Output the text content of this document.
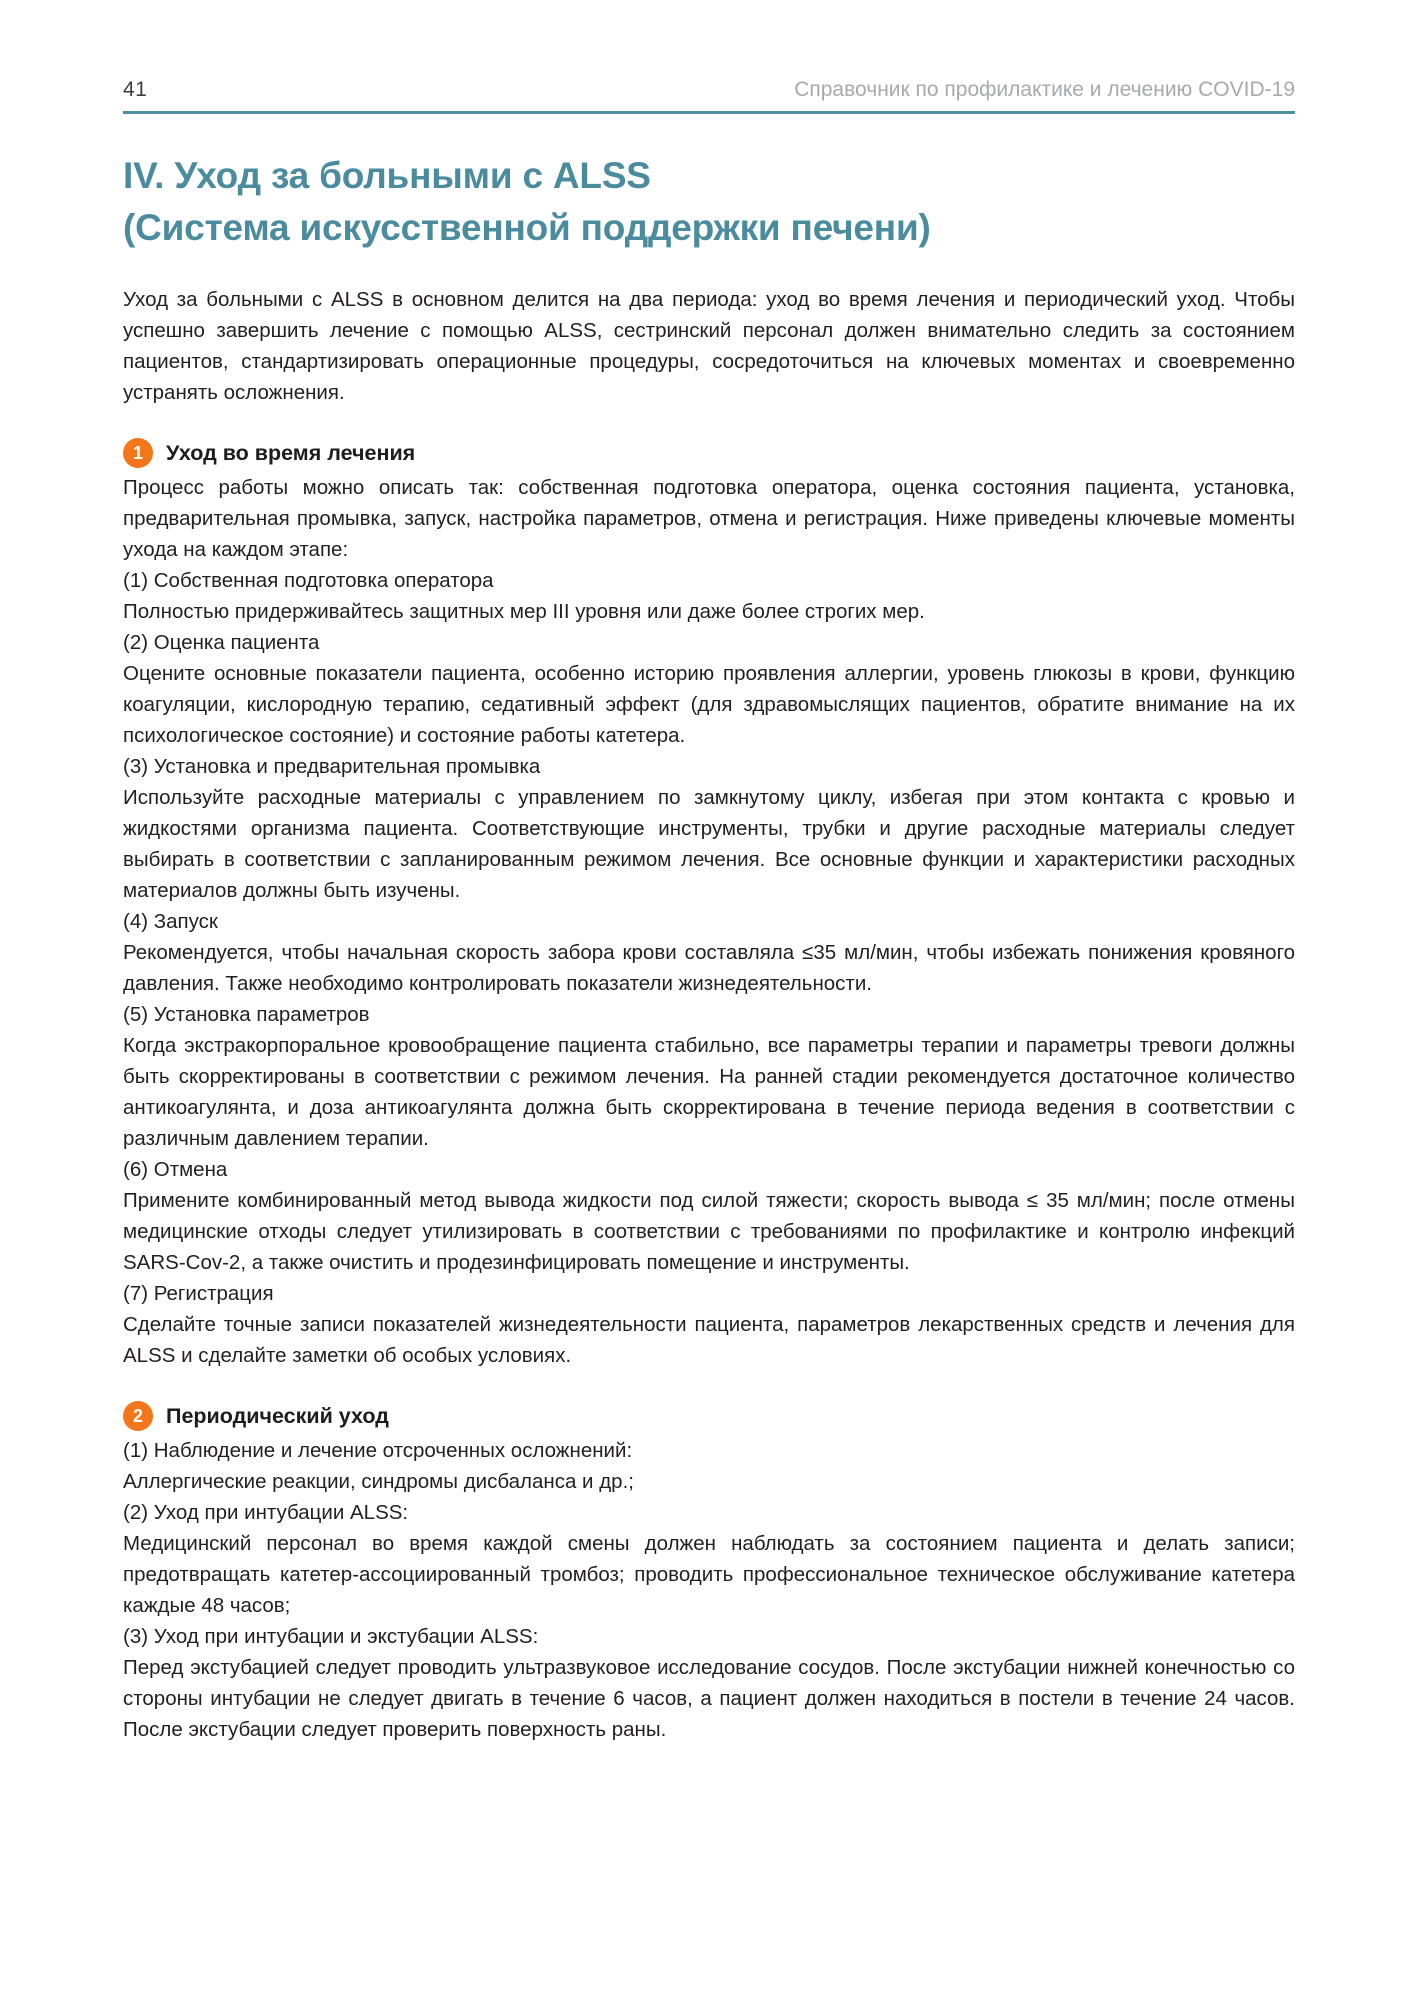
41	Справочник по профилактике и лечению COVID-19
IV. Уход за больными с ALSS
(Система искусственной поддержки печени)

Уход за больными с ALSS в основном делится на два периода: уход во время лечения и периодический уход. Чтобы успешно завершить лечение с помощью ALSS, сестринский персонал должен внимательно следить за состоянием пациентов, стандартизировать операционные процедуры, сосредоточиться на ключевых моментах и своевременно устранять осложнения.

1	Уход во время лечения

Процесс работы можно описать так: собственная подготовка оператора, оценка состояния пациента, установка, предварительная промывка, запуск, настройка параметров, отмена и регистрация. Ниже приведены ключевые моменты ухода на каждом этапе:

(1) Собственная подготовка оператора

Полностью придерживайтесь защитных мер III уровня или даже более строгих мер.

(2) Оценка пациента

Оцените основные показатели пациента, особенно историю проявления аллергии, уровень глюкозы в крови, функцию коагуляции, кислородную терапию, седативный эффект (для здравомыслящих пациентов, обратите внимание на их психологическое состояние) и состояние работы катетера.

(3) Установка и предварительная промывка

Используйте расходные материалы с управлением по замкнутому циклу, избегая при этом контакта с кровью и жидкостями организма пациента. Соответствующие инструменты, трубки и другие расходные материалы следует выбирать в соответствии с запланированным режимом лечения. Все основные функции и характеристики расходных материалов должны быть изучены.

(4) Запуск

Рекомендуется, чтобы начальная скорость забора крови составляла ≤35 мл/мин, чтобы избежать понижения кровяного давления. Также необходимо контролировать показатели жизнедеятельности.

(5) Установка параметров

Когда экстракорпоральное кровообращение пациента стабильно, все параметры терапии и параметры тревоги должны быть скорректированы в соответствии с режимом лечения. На ранней стадии рекомендуется достаточное количество антикоагулянта, и доза антикоагулянта должна быть скорректирована в течение периода ведения в соответствии с различным давлением терапии.

(6) Отмена

Примените комбинированный метод вывода жидкости под силой тяжести; скорость вывода ≤ 35 мл/мин; после отмены медицинские отходы следует утилизировать в соответствии с требованиями по профилактике и контролю инфекций SARS-Cov-2, а также очистить и продезинфицировать помещение и инструменты.

(7) Регистрация

Сделайте точные записи показателей жизнедеятельности пациента, параметров лекарственных средств и лечения для ALSS и сделайте заметки об особых условиях.

2	Периодический уход

(1) Наблюдение и лечение отсроченных осложнений:

Аллергические реакции, синдромы дисбаланса и др.;

(2) Уход при интубации ALSS:

Медицинский персонал во время каждой смены должен наблюдать за состоянием пациента и делать записи; предотвращать катетер-ассоциированный тромбоз; проводить профессиональное техническое обслуживание катетера каждые 48 часов;

(3) Уход при интубации и экстубации ALSS:

Перед экстубацией следует проводить ультразвуковое исследование сосудов. После экстубации нижней конечностью со стороны интубации не следует двигать в течение 6 часов, а пациент должен находиться в постели в течение 24 часов. После экстубации следует проверить поверхность раны.
